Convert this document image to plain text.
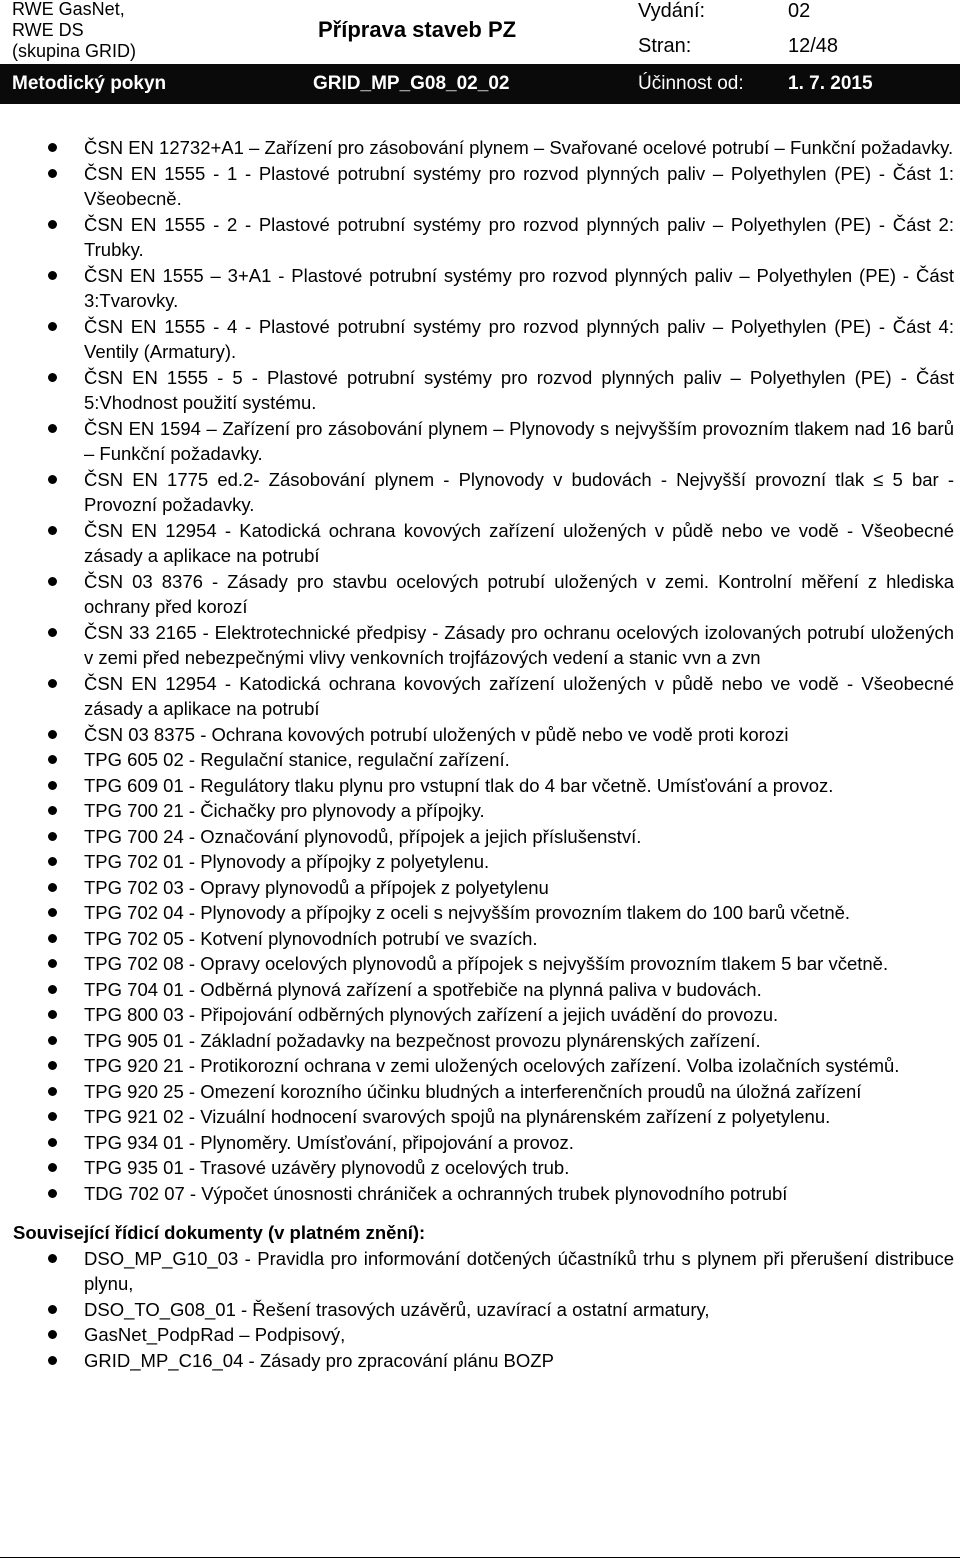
RWE GasNet,
RWE DS
(skupina GRID)
Příprava staveb PZ
Vydání:	02
Stran:	12/48
Metodický pokyn	GRID_MP_G08_02_02	Účinnost od: 1. 7. 2015
ČSN EN 12732+A1 – Zařízení pro zásobování plynem – Svařované ocelové potrubí – Funkční požadavky.
ČSN EN 1555 - 1 - Plastové potrubní systémy pro rozvod plynných paliv – Polyethylen (PE) - Část 1: Všeobecně.
ČSN EN 1555 - 2 - Plastové potrubní systémy pro rozvod plynných paliv – Polyethylen (PE) - Část 2: Trubky.
ČSN EN 1555 – 3+A1 - Plastové potrubní systémy pro rozvod plynných paliv – Polyethylen (PE) - Část 3:Tvarovky.
ČSN EN 1555 - 4 - Plastové potrubní systémy pro rozvod plynných paliv – Polyethylen (PE) - Část 4: Ventily (Armatury).
ČSN EN 1555 - 5 - Plastové potrubní systémy pro rozvod plynných paliv – Polyethylen (PE) - Část 5:Vhodnost použití systému.
ČSN EN 1594 – Zařízení pro zásobování plynem – Plynovody s nejvyšším provozním tlakem nad 16 barů – Funkční požadavky.
ČSN EN 1775 ed.2- Zásobování plynem - Plynovody v budovách - Nejvyšší provozní tlak ≤ 5 bar - Provozní požadavky.
ČSN EN 12954 - Katodická ochrana kovových zařízení uložených v půdě nebo ve vodě - Všeobecné zásady a aplikace na potrubí
ČSN 03 8376 - Zásady pro stavbu ocelových potrubí uložených v zemi. Kontrolní měření z hlediska ochrany před korozí
ČSN 33 2165 - Elektrotechnické předpisy - Zásady pro ochranu ocelových izolovaných potrubí uložených v zemi před nebezpečnými vlivy venkovních trojfázových vedení a stanic vvn a zvn
ČSN EN 12954 - Katodická ochrana kovových zařízení uložených v půdě nebo ve vodě - Všeobecné zásady a aplikace na potrubí
ČSN 03 8375 - Ochrana kovových potrubí uložených v půdě nebo ve vodě proti korozi
TPG 605 02 - Regulační stanice, regulační zařízení.
TPG 609 01 - Regulátory tlaku plynu pro vstupní tlak do 4 bar včetně. Umísťování a provoz.
TPG 700 21 - Čichačky pro plynovody a přípojky.
TPG 700 24 - Označování plynovodů, přípojek a jejich příslušenství.
TPG 702 01 - Plynovody a přípojky z polyetylenu.
TPG 702 03 - Opravy plynovodů a přípojek z polyetylenu
TPG 702 04 - Plynovody a přípojky z oceli s nejvyšším provozním tlakem do 100 barů včetně.
TPG 702 05 - Kotvení plynovodních potrubí ve svazích.
TPG 702 08 - Opravy ocelových plynovodů a přípojek s nejvyšším provozním tlakem 5 bar včetně.
TPG 704 01 - Odběrná plynová zařízení a spotřebiče na plynná paliva v budovách.
TPG 800 03 - Připojování odběrných plynových zařízení a jejich uvádění do provozu.
TPG 905 01 - Základní požadavky na bezpečnost provozu plynárenských zařízení.
TPG 920 21 - Protikorozní ochrana v zemi uložených ocelových zařízení. Volba izolačních systémů.
TPG 920 25 - Omezení korozního účinku bludných a interferenčních proudů na úložná zařízení
TPG 921 02 - Vizuální hodnocení svarových spojů na plynárenském zařízení z polyetylenu.
TPG 934 01 - Plynoměry. Umísťování, připojování a provoz.
TPG 935 01 - Trasové uzávěry plynovodů z ocelových trub.
TDG 702 07 - Výpočet únosnosti chrániček a ochranných trubek plynovodního potrubí
Související řídicí dokumenty (v platném znění):
DSO_MP_G10_03 - Pravidla pro informování dotčených účastníků trhu s plynem při přerušení distribuce plynu,
DSO_TO_G08_01 - Řešení trasových uzávěrů, uzavírací a ostatní armatury,
GasNet_PodpRad – Podpisový,
GRID_MP_C16_04 - Zásady pro zpracování plánu BOZP
